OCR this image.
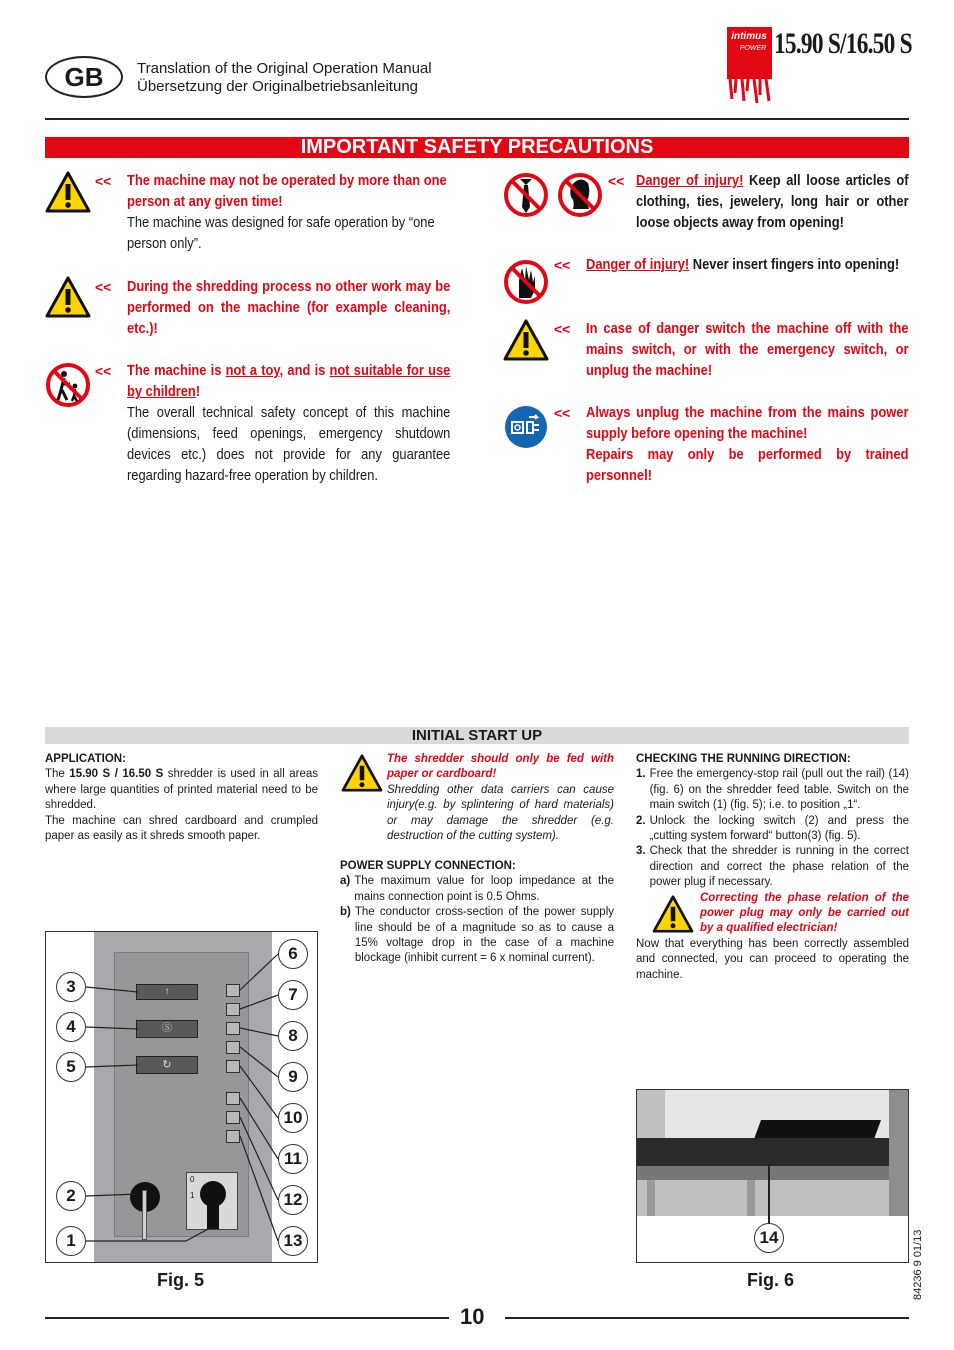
GB	Translation of the Original Operation Manual
Übersetzung der Originalbetriebsanleitung
intimus
POWER 15.90 S/16.50 S
IMPORTANT SAFETY PRECAUTIONS
<< The machine may not be operated by more than one person at any given time!
The machine was designed for safe operation by “one person only”.
<< During the shredding process no other work may be performed on the machine (for example cleaning, etc.)!
<< The machine is not a toy, and is not suitable for use by children!
The overall technical safety concept of this machine (dimensions, feed openings, emergency shutdown devices etc.) does not provide for any guarantee regarding hazard-free operation by children.
<< Danger of injury! Keep all loose articles of clothing, ties, jewelery, long hair or other loose objects away from opening!
<< Danger of injury! Never insert fingers into opening!
<< In case of danger switch the machine off with the mains switch, or with the emergency switch, or unplug the machine!
<< Always unplug the machine from the mains power supply before opening the machine!
Repairs may only be performed by trained personnel!
INITIAL START UP
APPLICATION:
The 15.90 S / 16.50 S shredder is used in all areas where large quantities of printed material need to be shredded.
The machine can shred cardboard and crumpled paper as easily as it shreds smooth paper.
The shredder should only be fed with paper or cardboard!
Shredding other data carriers can cause injury(e.g. by splintering of hard materials) or may damage the shredder (e.g. destruction of the cutting system).
POWER SUPPLY CONNECTION:
a) The maximum value for loop impedance at the mains connection point is 0.5 Ohms.
b) The conductor cross-section of the power supply line should be of a magnitude so as to cause a 15% voltage drop in the case of a machine blockage (inhibit current = 6 x nominal current).
CHECKING THE RUNNING DIRECTION:
1. Free the emergency-stop rail (pull out the rail) (14) (fig. 6) on the shredder feed table. Switch on the main switch (1) (fig. 5); i.e. to position „1“.
2. Unlock the locking switch (2) and press the „cutting system forward“ button(3) (fig. 5).
3. Check that the shredder is running in the correct direction and correct the phase relation of the power plug if necessary.
Correcting the phase relation of the power plug may only be carried out by a qualified electrician!
Now that everything has been correctly assembled and connected, you can proceed to operating the machine.
↑
Ⓢ
↻
0
1
3
4
5
2
1
6
7
8
9
10
11
12
13
Fig. 5
14
Fig. 6
10
84236 9 01/13
